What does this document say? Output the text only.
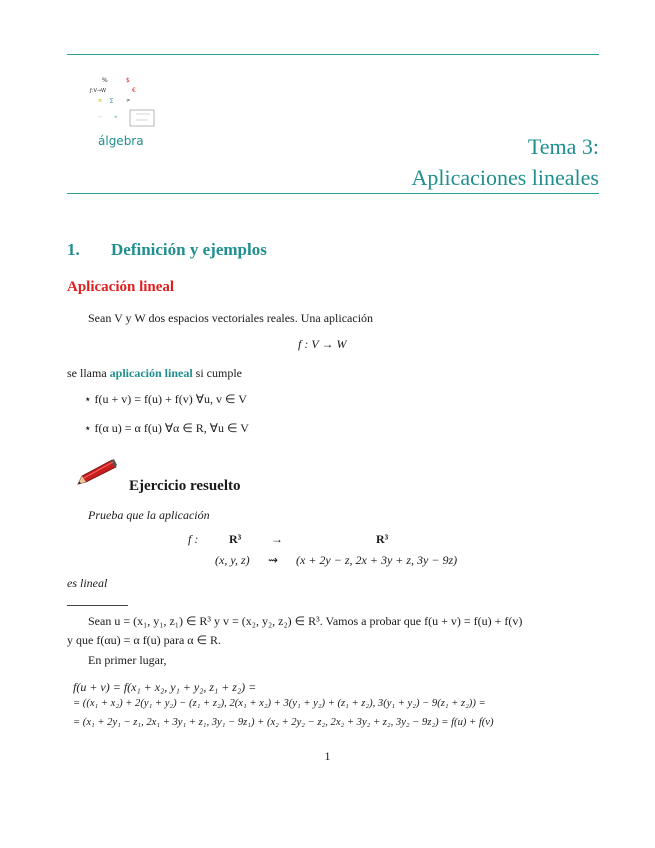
%	$
ƒ:V→W	€
≡ ∑	≠
·:·	∞
álgebra	Tema 3:
Aplicaciones lineales
1. Definición y ejemplos
Aplicación lineal
Sean V y W dos espacios vectoriales reales. Una aplicación
f : V → W
se llama aplicación lineal si cumple
⋆ f(u + v) = f(u) + f(v) ∀u, v ∈ V
⋆ f(α u) = α f(u) ∀α ∈ R, ∀u ∈ V
Ejercicio resuelto
Prueba que la aplicación
f :	R³ →	R³
(x, y, z) ⇝ (x + 2y − z, 2x + 3y + z, 3y − 9z)
es lineal
Sean u = (x₁, y₁, z₁) ∈ R³ y v = (x₂, y₂, z₂) ∈ R³. Vamos a probar que f(u + v) = f(u) + f(v)
y que f(αu) = α f(u) para α ∈ R.
En primer lugar,
f(u + v) = f(x₁ + x₂, y₁ + y₂, z₁ + z₂) =
= ((x₁ + x₂) + 2(y₁ + y₂) − (z₁ + z₂), 2(x₁ + x₂) + 3(y₁ + y₂) + (z₁ + z₂), 3(y₁ + y₂) − 9(z₁ + z₂)) =
= (x₁ + 2y₁ − z₁, 2x₁ + 3y₁ + z₁, 3y₁ − 9z₁) + (x₂ + 2y₂ − z₂, 2x₂ + 3y₂ + z₂, 3y₂ − 9z₂) = f(u) + f(v)
1
